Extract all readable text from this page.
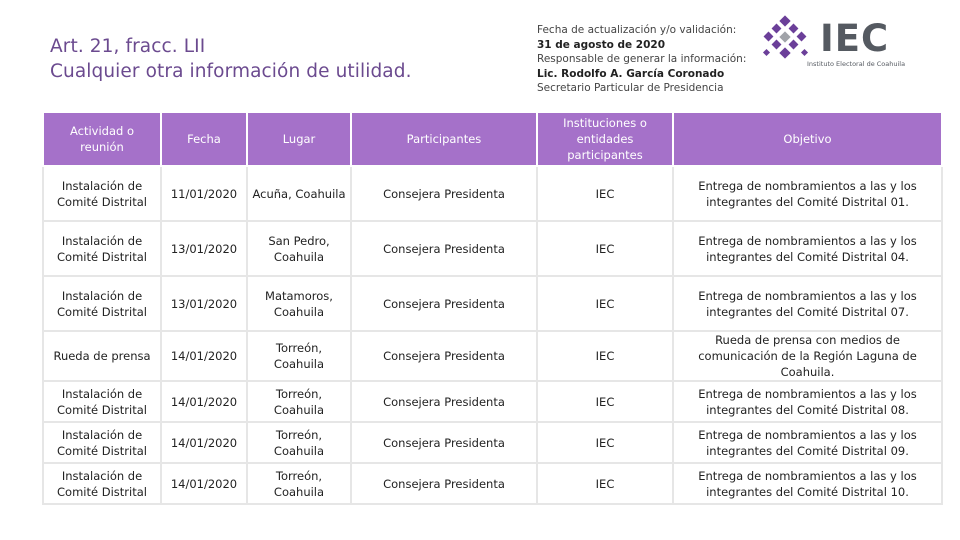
Art. 21, fracc. LII
Cualquier otra información de utilidad.
Fecha de actualización y/o validación:
31 de agosto de 2020
Responsable de generar la información:
Lic. Rodolfo A. García Coronado
Secretario Particular de Presidencia
IEC
Instituto Electoral de Coahuila
Actividad o reunión	Fecha	Lugar	Participantes	Instituciones o entidades participantes	Objetivo
Instalación de Comité Distrital	11/01/2020	Acuña, Coahuila	Consejera Presidenta	IEC	Entrega de nombramientos a las y los integrantes del Comité Distrital 01.
Instalación de Comité Distrital	13/01/2020	San Pedro, Coahuila	Consejera Presidenta	IEC	Entrega de nombramientos a las y los integrantes del Comité Distrital 04.
Instalación de Comité Distrital	13/01/2020	Matamoros, Coahuila	Consejera Presidenta	IEC	Entrega de nombramientos a las y los integrantes del Comité Distrital 07.
Rueda de prensa	14/01/2020	Torreón, Coahuila	Consejera Presidenta	IEC	Rueda de prensa con medios de comunicación de la Región Laguna de Coahuila.
Instalación de Comité Distrital	14/01/2020	Torreón, Coahuila	Consejera Presidenta	IEC	Entrega de nombramientos a las y los integrantes del Comité Distrital 08.
Instalación de Comité Distrital	14/01/2020	Torreón, Coahuila	Consejera Presidenta	IEC	Entrega de nombramientos a las y los integrantes del Comité Distrital 09.
Instalación de Comité Distrital	14/01/2020	Torreón, Coahuila	Consejera Presidenta	IEC	Entrega de nombramientos a las y los integrantes del Comité Distrital 10.
